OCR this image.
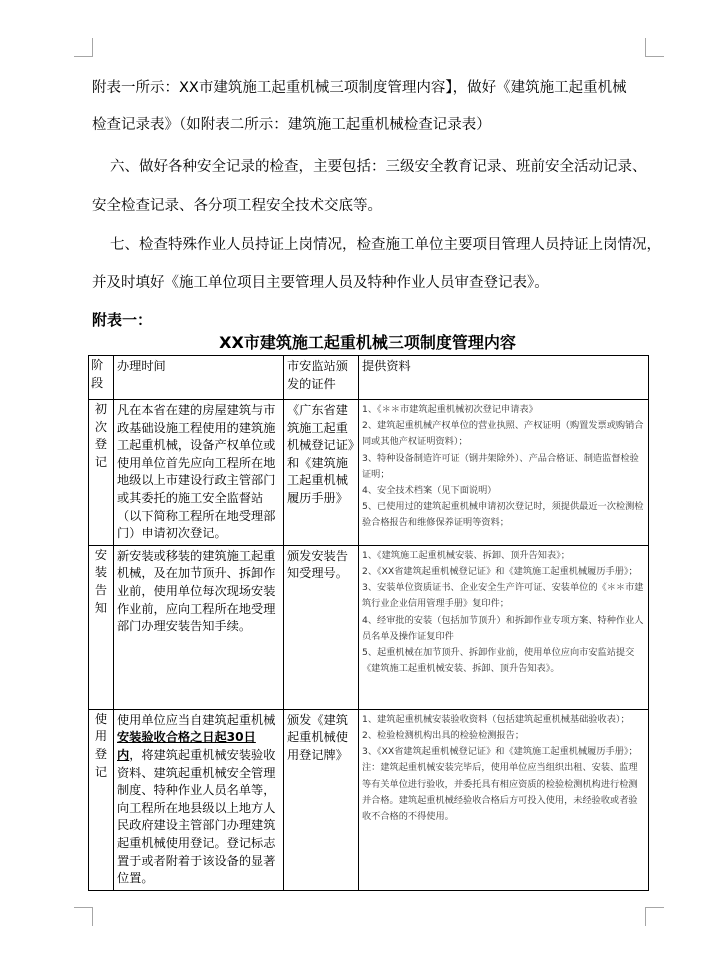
附表一所示：ⅩⅩ市建筑施工起重机械三项制度管理内容】，做好《建筑施工起重机械
检查记录表》（如附表二所示：建筑施工起重机械检查记录表）
六、做好各种安全记录的检查，主要包括：三级安全教育记录、班前安全活动记录、
安全检查记录、各分项工程安全技术交底等。
七、检查特殊作业人员持证上岗情况，检查施工单位主要项目管理人员持证上岗情况，
并及时填好《施工单位项目主要管理人员及特种作业人员审查登记表》。
附表一：
ⅩⅩ市建筑施工起重机械三项制度管理内容
阶段	办理时间	市安监站颁发的证件	提供资料
初次登记	凡在本省在建的房屋建筑与市政基础设施工程使用的建筑施工起重机械，设备产权单位或使用单位首先应向工程所在地地级以上市建设行政主管部门或其委托的施工安全监督站（以下简称工程所在地受理部门）申请初次登记。	《广东省建筑施工起重机械登记证》和《建筑施工起重机械履历手册》	1、《＊＊市建筑起重机械初次登记申请表》
2、建筑起重机械产权单位的营业执照、产权证明（购置发票或购销合同或其他产权证明资料）；
3、特种设备制造许可证（钢井架除外）、产品合格证、制造监督检验证明；
4、安全技术档案（见下面说明）
5、已使用过的建筑起重机械申请初次登记时，须提供最近一次检测检验合格报告和维修保养证明等资料；

安装告知	新安装或移装的建筑施工起重机械，及在加节顶升、拆卸作业前，使用单位每次现场安装作业前，应向工程所在地受理部门办理安装告知手续。	颁发安装告知受理号。	1、《建筑施工起重机械安装、拆卸、顶升告知表》；
2、《XX省建筑起重机械登记证》和《建筑施工起重机械履历手册》；
3、安装单位资质证书、企业安全生产许可证、安装单位的《＊＊市建筑行业企业信用管理手册》复印件；
4、经审批的安装（包括加节顶升）和拆卸作业专项方案、特种作业人员名单及操作证复印件
5、起重机械在加节顶升、拆卸作业前，使用单位应向市安监站提交《建筑施工起重机械安装、拆卸、顶升告知表》。

使用登记	使用单位应当自建筑起重机械安装验收合格之日起30日内，将建筑起重机械安装验收资料、建筑起重机械安全管理制度、特种作业人员名单等，向工程所在地县级以上地方人民政府建设主管部门办理建筑起重机械使用登记。登记标志置于或者附着于该设备的显著位置。	颁发《建筑起重机械使用登记牌》	1、建筑起重机械安装验收资料（包括建筑起重机械基础验收表）；
2、检验检测机构出具的检验检测报告；
3、《XX省建筑起重机械登记证》和《建筑施工起重机械履历手册》；
注：建筑起重机械安装完毕后，使用单位应当组织出租、安装、监理等有关单位进行验收，并委托具有相应资质的检验检测机构进行检测并合格。建筑起重机械经验收合格后方可投入使用，未经验收或者验收不合格的不得使用。
